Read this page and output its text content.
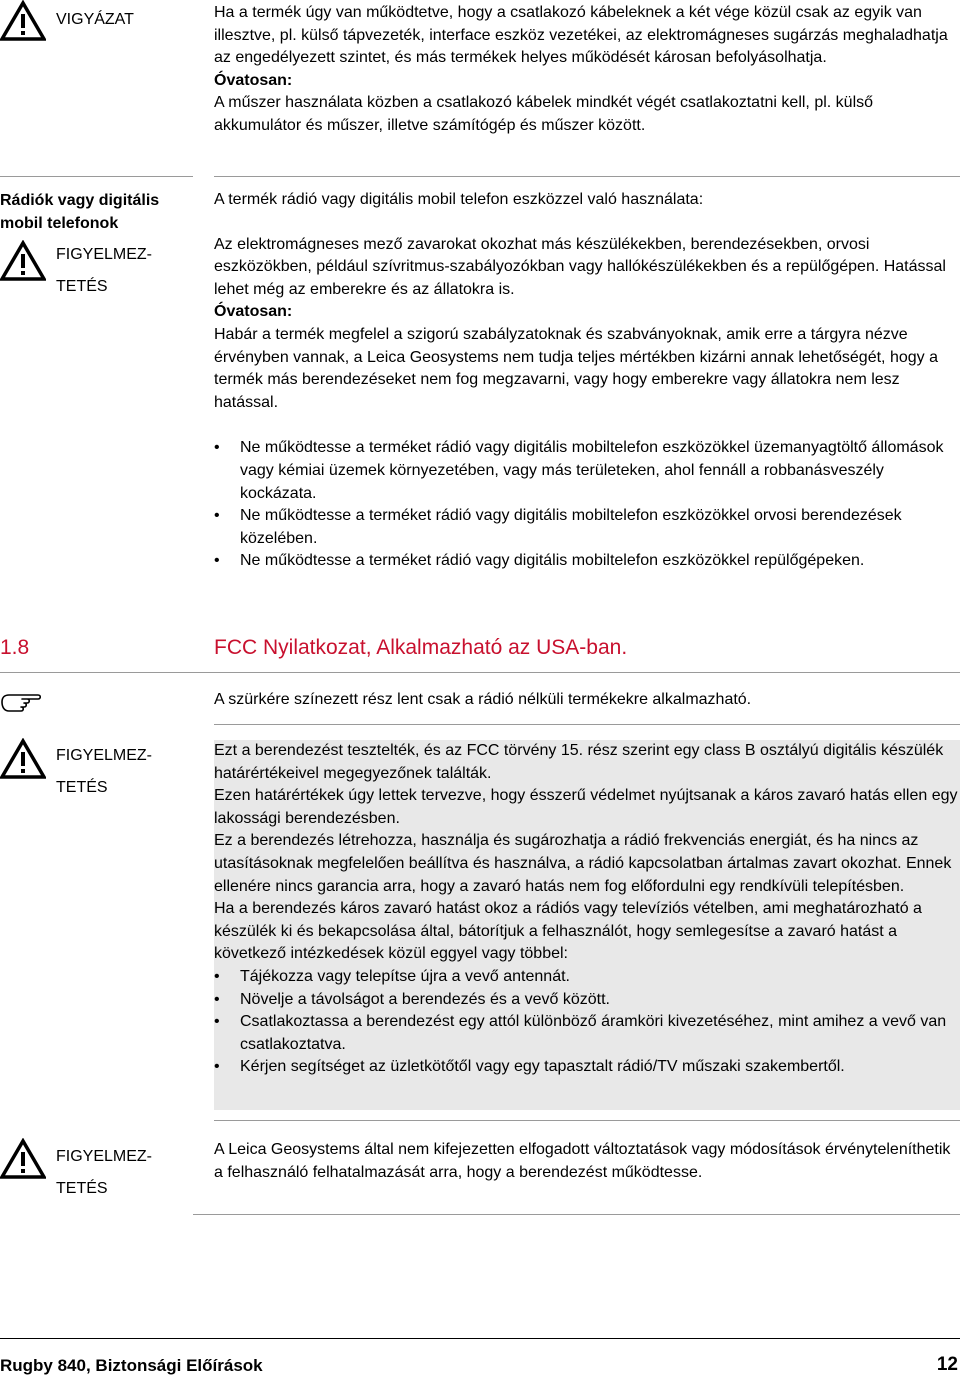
VIGYÁZAT	Ha a termék úgy van működtetve, hogy a csatlakozó kábeleknek a két vége közül csak az egyik van illesztve, pl. külső tápvezeték, interface eszköz vezetékei, az elektromágneses sugárzás meghaladhatja az engedélyezett szintet, és más termékek helyes működését károsan befolyásolhatja.

Óvatosan:

A műszer használata közben a csatlakozó kábelek mindkét végét csatlakoztatni kell, pl. külső akkumulátor és műszer, illetve számítógép és műszer között.

Rádiók vagy digitális mobil telefonok
FIGYELMEZ- TETÉS

A termék rádió vagy digitális mobil telefon eszközzel való használata:

Az elektromágneses mező zavarokat okozhat más készülékekben, berendezésekben, orvosi eszközökben, például szívritmus-szabályozókban vagy hallókészülékekben és a repülőgépen. Hatással lehet még az emberekre és az állatokra is.

Óvatosan:

Habár a termék megfelel a szigorú szabályzatoknak és szabványoknak, amik erre a tárgyra nézve érvényben vannak, a Leica Geosystems nem tudja teljes mértékben kizárni annak lehetőségét, hogy a termék más berendezéseket nem fog megzavarni, vagy hogy emberekre vagy állatokra nem lesz hatással.

• Ne működtesse a terméket rádió vagy digitális mobiltelefon eszközökkel üzemanyagtöltő állomások vagy kémiai üzemek környezetében, vagy más területeken, ahol fennáll a robbanásveszély kockázata.
• Ne működtesse a terméket rádió vagy digitális mobiltelefon eszközökkel orvosi berendezések közelében.
• Ne működtesse a terméket rádió vagy digitális mobiltelefon eszközökkel repülőgépeken.
1.8	FCC Nyilatkozat, Alkalmazható az USA-ban.
A szürkére színezett rész lent csak a rádió nélküli termékekre alkalmazható.
FIGYELMEZ- TETÉS

Ezt a berendezést tesztelték, és az FCC törvény 15. rész szerint egy class B osztályú digitális készülék határértékeivel megegyezőnek találták.

Ezen határértékek úgy lettek tervezve, hogy ésszerű védelmet nyújtsanak a káros zavaró hatás ellen egy lakossági berendezésben.

Ez a berendezés létrehozza, használja és sugározhatja a rádió frekvenciás energiát, és ha nincs az utasításoknak megfelelően beállítva és használva, a rádió kapcsolatban ártalmas zavart okozhat. Ennek ellenére nincs garancia arra, hogy a zavaró hatás nem fog előfordulni egy rendkívüli telepítésben.

Ha a berendezés káros zavaró hatást okoz a rádiós vagy televíziós vételben, ami meghatározható a készülék ki és bekapcsolása által, bátorítjuk a felhasználót, hogy semlegesítse a zavaró hatást a következő intézkedések közül eggyel vagy többel:

• Tájékozza vagy telepítse újra a vevő antennát.
• Növelje a távolságot a berendezés és a vevő között.
• Csatlakoztassa a berendezést egy attól különböző áramköri kivezetéséhez, mint amihez a vevő van csatlakoztatva.
• Kérjen segítséget az üzletkötőtől vagy egy tapasztalt rádió/TV műszaki szakembertől.
FIGYELMEZ- TETÉS
A Leica Geosystems által nem kifejezetten elfogadott változtatások vagy módosítások érvényteleníthetik a felhasználó felhatalmazását arra, hogy a berendezést működtesse.
Rugby 840, Biztonsági Előírások	12
